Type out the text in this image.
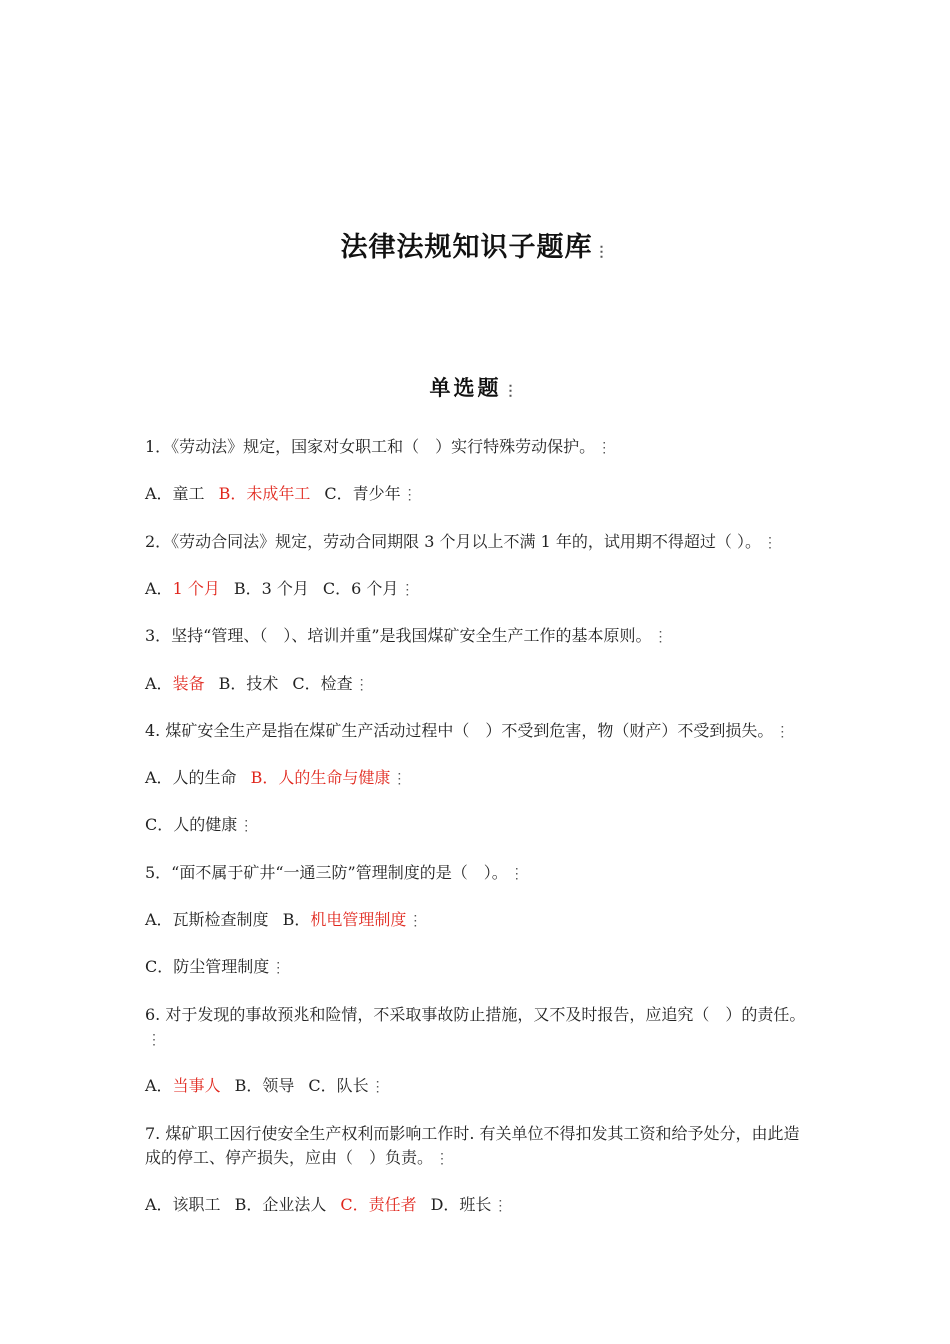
法律法规知识子题库 ⋮
单选题 ⋮
1．《劳动法》规定，国家对女职工和（　）实行特殊劳动保护。 ⋮
A．童工 B．未成年工 C．青少年 ⋮
2．《劳动合同法》规定，劳动合同期限 3 个月以上不满 1 年的，试用期不得超过（ ）。 ⋮
A．1 个月 B．3 个月 C．6 个月 ⋮
3．坚持“管理、（　）、培训并重”是我国煤矿安全生产工作的基本原则。 ⋮
A．装备 B．技术 C．检查 ⋮
4. 煤矿安全生产是指在煤矿生产活动过程中（　）不受到危害，物（财产）不受到损失。 ⋮
A．人的生命 B．人的生命与健康 ⋮
C．人的健康 ⋮
5．“面不属于矿井“一通三防”管理制度的是（　）。 ⋮
A．瓦斯检查制度 B．机电管理制度 ⋮
C．防尘管理制度 ⋮
6. 对于发现的事故预兆和险情，不采取事故防止措施，又不及时报告，应追究（　）的责任。
⋮
A．当事人 B．领导 C．队长 ⋮
7. 煤矿职工因行使安全生产权利而影响工作时. 有关单位不得扣发其工资和给予处分，由此造成的停工、停产损失，应由（　）负责。 ⋮
A．该职工 B．企业法人 C．责任者 D．班长 ⋮
